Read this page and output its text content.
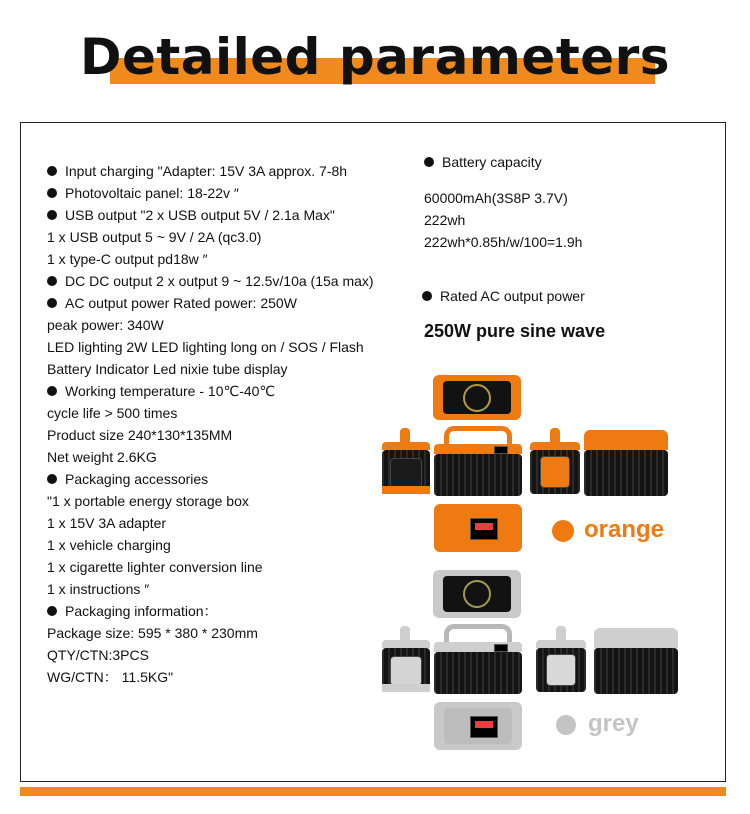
Detailed parameters
Input charging "Adapter: 15V 3A approx. 7-8h
Photovoltaic panel: 18-22v ″
USB output "2 x USB output 5V / 2.1a Max"
1 x USB output 5 ~ 9V / 2A (qc3.0)
1 x type-C output pd18w ″
DC DC output 2 x output 9 ~ 12.5v/10a (15a max)
AC output power Rated power: 250W
peak power: 340W
LED lighting 2W LED lighting long on / SOS / Flash
Battery Indicator Led nixie tube display
Working temperature - 10℃-40℃
cycle life > 500 times
Product size 240*130*135MM
Net weight 2.6KG
Packaging accessories
"1 x portable energy storage box
1 x 15V 3A adapter
1 x vehicle charging
1 x cigarette lighter conversion line
1 x instructions ″
Packaging information：
Package size: 595 * 380 * 230mm
QTY/CTN:3PCS
WG/CTN： 11.5KG"
Battery capacity
60000mAh(3S8P 3.7V)
222wh
222wh*0.85h/w/100=1.9h
Rated AC output power
250W pure sine wave
orange
grey
